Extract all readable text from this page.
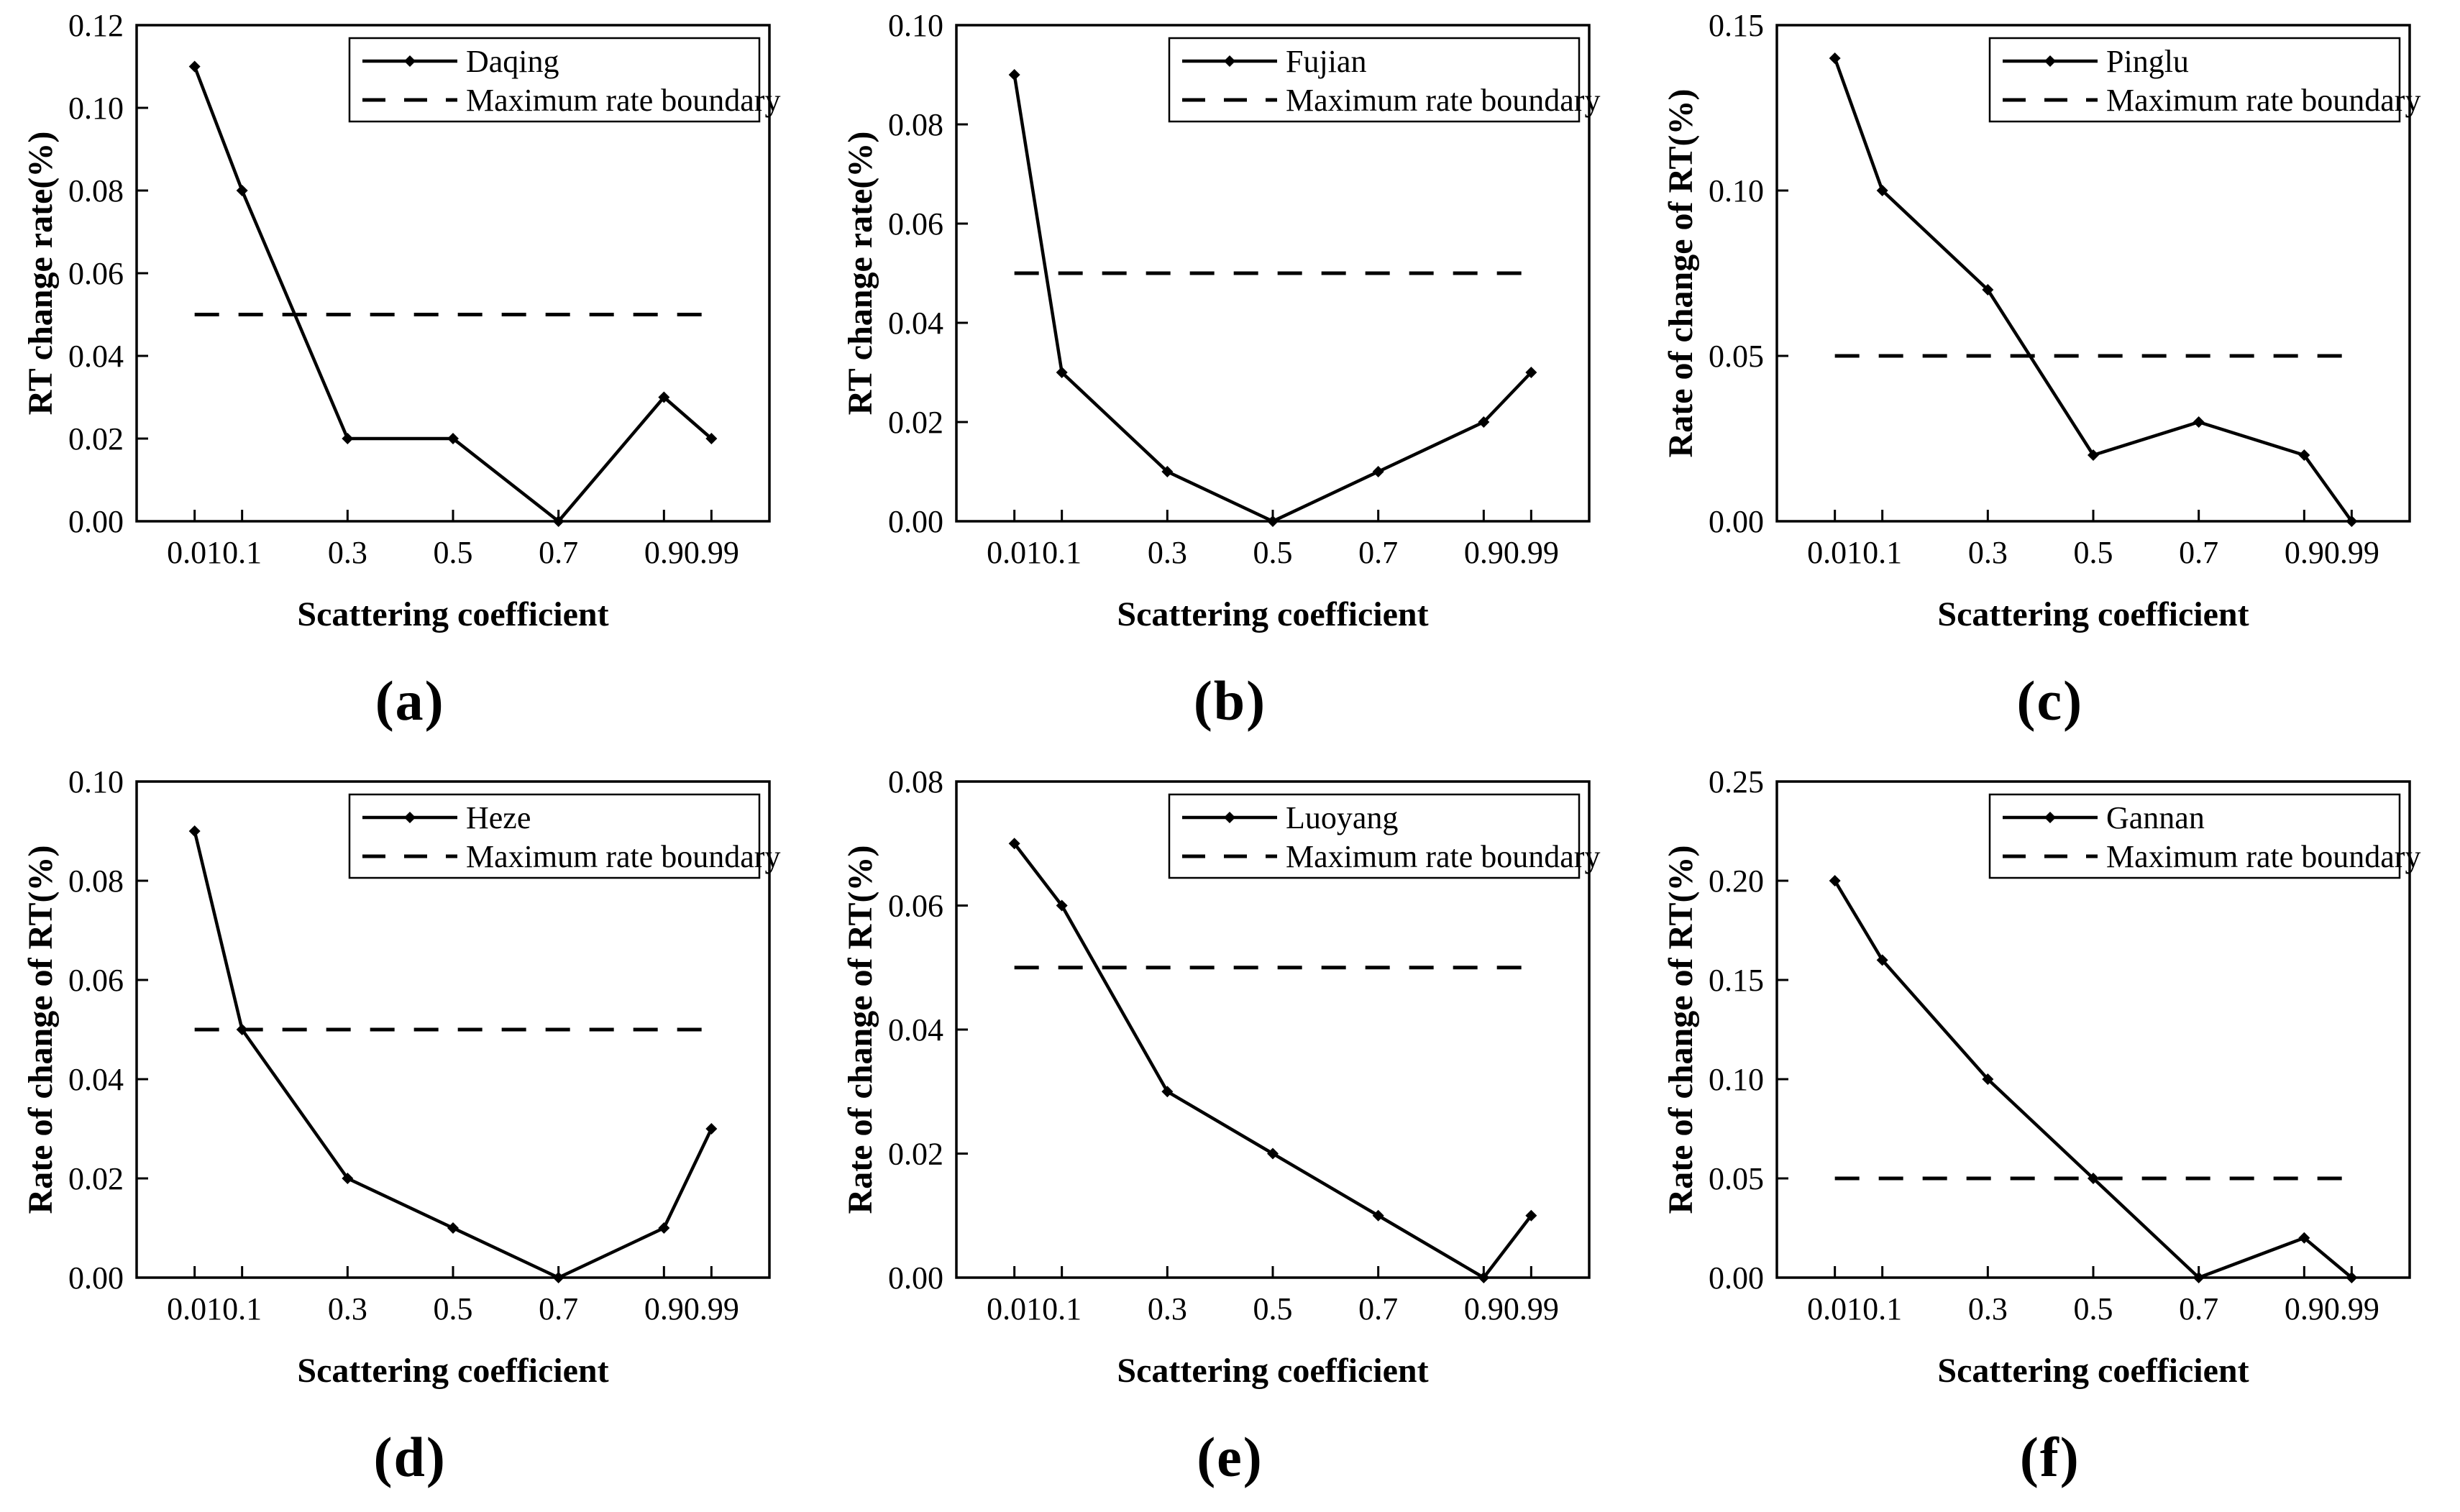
0.01 0.1 0.3 0.5 0.7 0.9 0.99
0.00
0.02
0.04
0.06
0.08
0.10
0.12
Scattering coefficient
RT change rate(%)
Daqing
Maximum rate boundary
(a)
0.01 0.1 0.3 0.5 0.7 0.9 0.99
0.00
0.02
0.04
0.06
0.08
0.10
Scattering coefficient
RT change rate(%)
Fujian
Maximum rate boundary
(b)
0.01 0.1 0.3 0.5 0.7 0.9 0.99
0.00
0.05
0.10
0.15
Scattering coefficient
Rate of change of RT(%)
Pinglu
Maximum rate boundary
(c)
0.01 0.1 0.3 0.5 0.7 0.9 0.99
0.00
0.02
0.04
0.06
0.08
0.10
Scattering coefficient
Rate of change of RT(%)
Heze
Maximum rate boundary
(d)
0.01 0.1 0.3 0.5 0.7 0.9 0.99
0.00
0.02
0.04
0.06
0.08
Scattering coefficient
Rate of change of RT(%)
Luoyang
Maximum rate boundary
(e)
0.01 0.1 0.3 0.5 0.7 0.9 0.99
0.00
0.05
0.10
0.15
0.20
0.25
Scattering coefficient
Rate of change of RT(%)
Gannan
Maximum rate boundary
(f)
